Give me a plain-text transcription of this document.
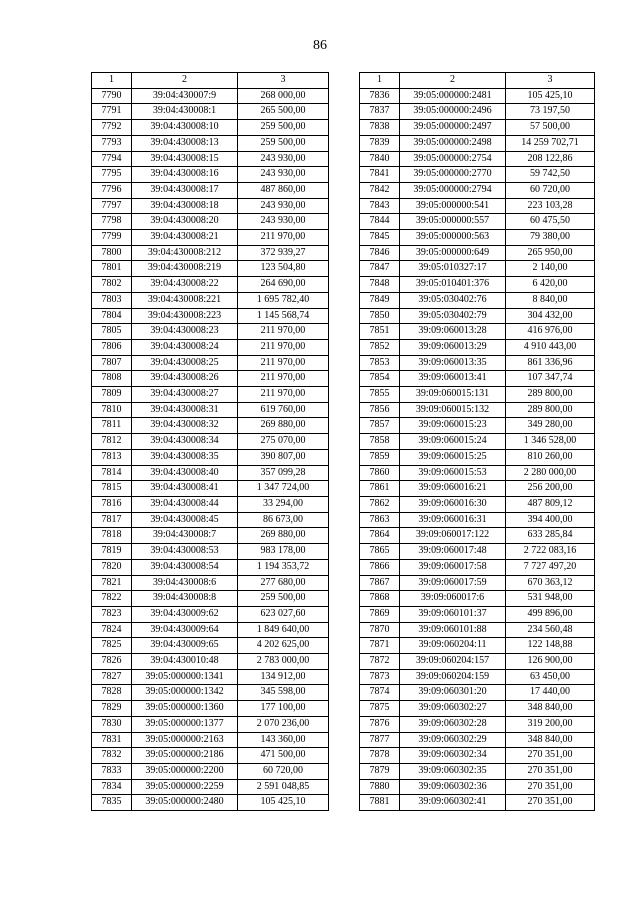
86
1	2	3
7790	39:04:430007:9	268 000,00
7791	39:04:430008:1	265 500,00
7792	39:04:430008:10	259 500,00
7793	39:04:430008:13	259 500,00
7794	39:04:430008:15	243 930,00
7795	39:04:430008:16	243 930,00
7796	39:04:430008:17	487 860,00
7797	39:04:430008:18	243 930,00
7798	39:04:430008:20	243 930,00
7799	39:04:430008:21	211 970,00
7800	39:04:430008:212	372 939,27
7801	39:04:430008:219	123 504,80
7802	39:04:430008:22	264 690,00
7803	39:04:430008:221	1 695 782,40
7804	39:04:430008:223	1 145 568,74
7805	39:04:430008:23	211 970,00
7806	39:04:430008:24	211 970,00
7807	39:04:430008:25	211 970,00
7808	39:04:430008:26	211 970,00
7809	39:04:430008:27	211 970,00
7810	39:04:430008:31	619 760,00
7811	39:04:430008:32	269 880,00
7812	39:04:430008:34	275 070,00
7813	39:04:430008:35	390 807,00
7814	39:04:430008:40	357 099,28
7815	39:04:430008:41	1 347 724,00
7816	39:04:430008:44	33 294,00
7817	39:04:430008:45	86 673,00
7818	39:04:430008:7	269 880,00
7819	39:04:430008:53	983 178,00
7820	39:04:430008:54	1 194 353,72
7821	39:04:430008:6	277 680,00
7822	39:04:430008:8	259 500,00
7823	39:04:430009:62	623 027,60
7824	39:04:430009:64	1 849 640,00
7825	39:04:430009:65	4 202 625,00
7826	39:04:430010:48	2 783 000,00
7827	39:05:000000:1341	134 912,00
7828	39:05:000000:1342	345 598,00
7829	39:05:000000:1360	177 100,00
7830	39:05:000000:1377	2 070 236,00
7831	39:05:000000:2163	143 360,00
7832	39:05:000000:2186	471 500,00
7833	39:05:000000:2200	60 720,00
7834	39:05:000000:2259	2 591 048,85
7835	39:05:000000:2480	105 425,10
1	2	3
7836	39:05:000000:2481	105 425,10
7837	39:05:000000:2496	73 197,50
7838	39:05:000000:2497	57 500,00
7839	39:05:000000:2498	14 259 702,71
7840	39:05:000000:2754	208 122,86
7841	39:05:000000:2770	59 742,50
7842	39:05:000000:2794	60 720,00
7843	39:05:000000:541	223 103,28
7844	39:05:000000:557	60 475,50
7845	39:05:000000:563	79 380,00
7846	39:05:000000:649	265 950,00
7847	39:05:010327:17	2 140,00
7848	39:05:010401:376	6 420,00
7849	39:05:030402:76	8 840,00
7850	39:05:030402:79	304 432,00
7851	39:09:060013:28	416 976,00
7852	39:09:060013:29	4 910 443,00
7853	39:09:060013:35	861 336,96
7854	39:09:060013:41	107 347,74
7855	39:09:060015:131	289 800,00
7856	39:09:060015:132	289 800,00
7857	39:09:060015:23	349 280,00
7858	39:09:060015:24	1 346 528,00
7859	39:09:060015:25	810 260,00
7860	39:09:060015:53	2 280 000,00
7861	39:09:060016:21	256 200,00
7862	39:09:060016:30	487 809,12
7863	39:09:060016:31	394 400,00
7864	39:09:060017:122	633 285,84
7865	39:09:060017:48	2 722 083,16
7866	39:09:060017:58	7 727 497,20
7867	39:09:060017:59	670 363,12
7868	39:09:060017:6	531 948,00
7869	39:09:060101:37	499 896,00
7870	39:09:060101:88	234 560,48
7871	39:09:060204:11	122 148,88
7872	39:09:060204:157	126 900,00
7873	39:09:060204:159	63 450,00
7874	39:09:060301:20	17 440,00
7875	39:09:060302:27	348 840,00
7876	39:09:060302:28	319 200,00
7877	39:09:060302:29	348 840,00
7878	39:09:060302:34	270 351,00
7879	39:09:060302:35	270 351,00
7880	39:09:060302:36	270 351,00
7881	39:09:060302:41	270 351,00
